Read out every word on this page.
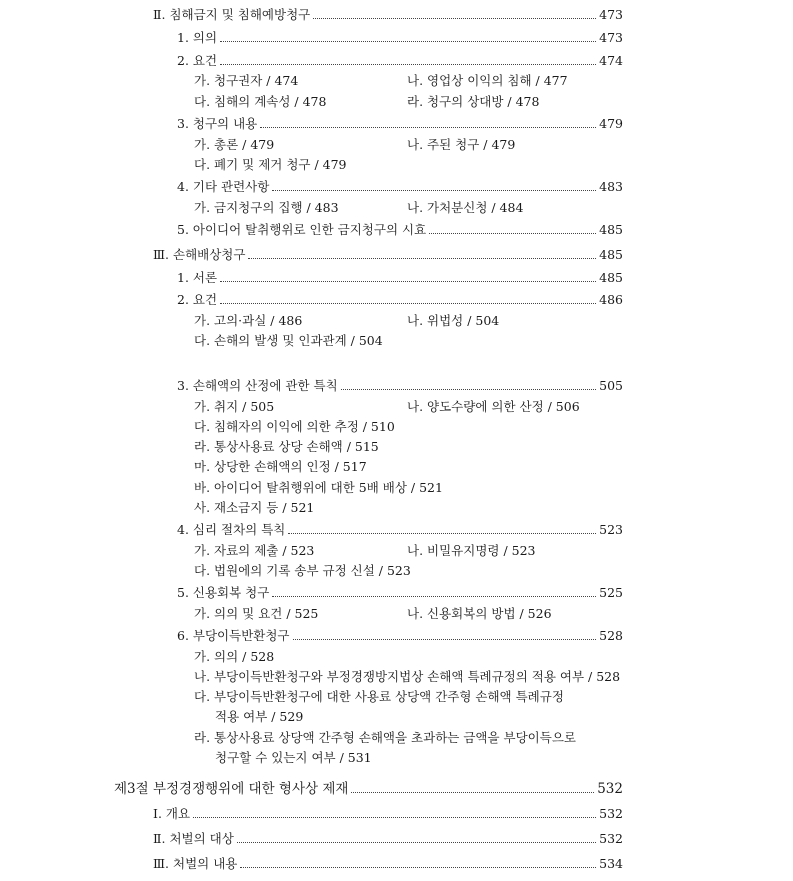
Ⅱ. 침해금지 및 침해예방청구	473
1. 의의	473
2. 요건	474
가. 청구권자 / 474	나. 영업상 이익의 침해 / 477
다. 침해의 계속성 / 478	라. 청구의 상대방 / 478
3. 청구의 내용	479
가. 총론 / 479	나. 주된 청구 / 479
다. 폐기 및 제거 청구 / 479
4. 기타 관련사항	483
가. 금지청구의 집행 / 483	나. 가처분신청 / 484
5. 아이디어 탈취행위로 인한 금지청구의 시효	485
Ⅲ. 손해배상청구	485
1. 서론	485
2. 요건	486
가. 고의·과실 / 486	나. 위법성 / 504
다. 손해의 발생 및 인과관계 / 504
3. 손해액의 산정에 관한 특칙	505
가. 취지 / 505	나. 양도수량에 의한 산정 / 506
다. 침해자의 이익에 의한 추정 / 510
라. 통상사용료 상당 손해액 / 515
마. 상당한 손해액의 인정 / 517
바. 아이디어 탈취행위에 대한 5배 배상 / 521
사. 재소금지 등 / 521
4. 심리 절차의 특칙	523
가. 자료의 제출 / 523	나. 비밀유지명령 / 523
다. 법원에의 기록 송부 규정 신설 / 523
5. 신용회복 청구	525
가. 의의 및 요건 / 525	나. 신용회복의 방법 / 526
6. 부당이득반환청구	528
가. 의의 / 528
나. 부당이득반환청구와 부정경쟁방지법상 손해액 특례규정의 적용 여부 / 528
다. 부당이득반환청구에 대한 사용료 상당액 간주형 손해액 특례규정
적용 여부 / 529
라. 통상사용료 상당액 간주형 손해액을 초과하는 금액을 부당이득으로
청구할 수 있는지 여부 / 531
제3절 부정경쟁행위에 대한 형사상 제재	532
Ⅰ. 개요	532
Ⅱ. 처벌의 대상	532
Ⅲ. 처벌의 내용	534
